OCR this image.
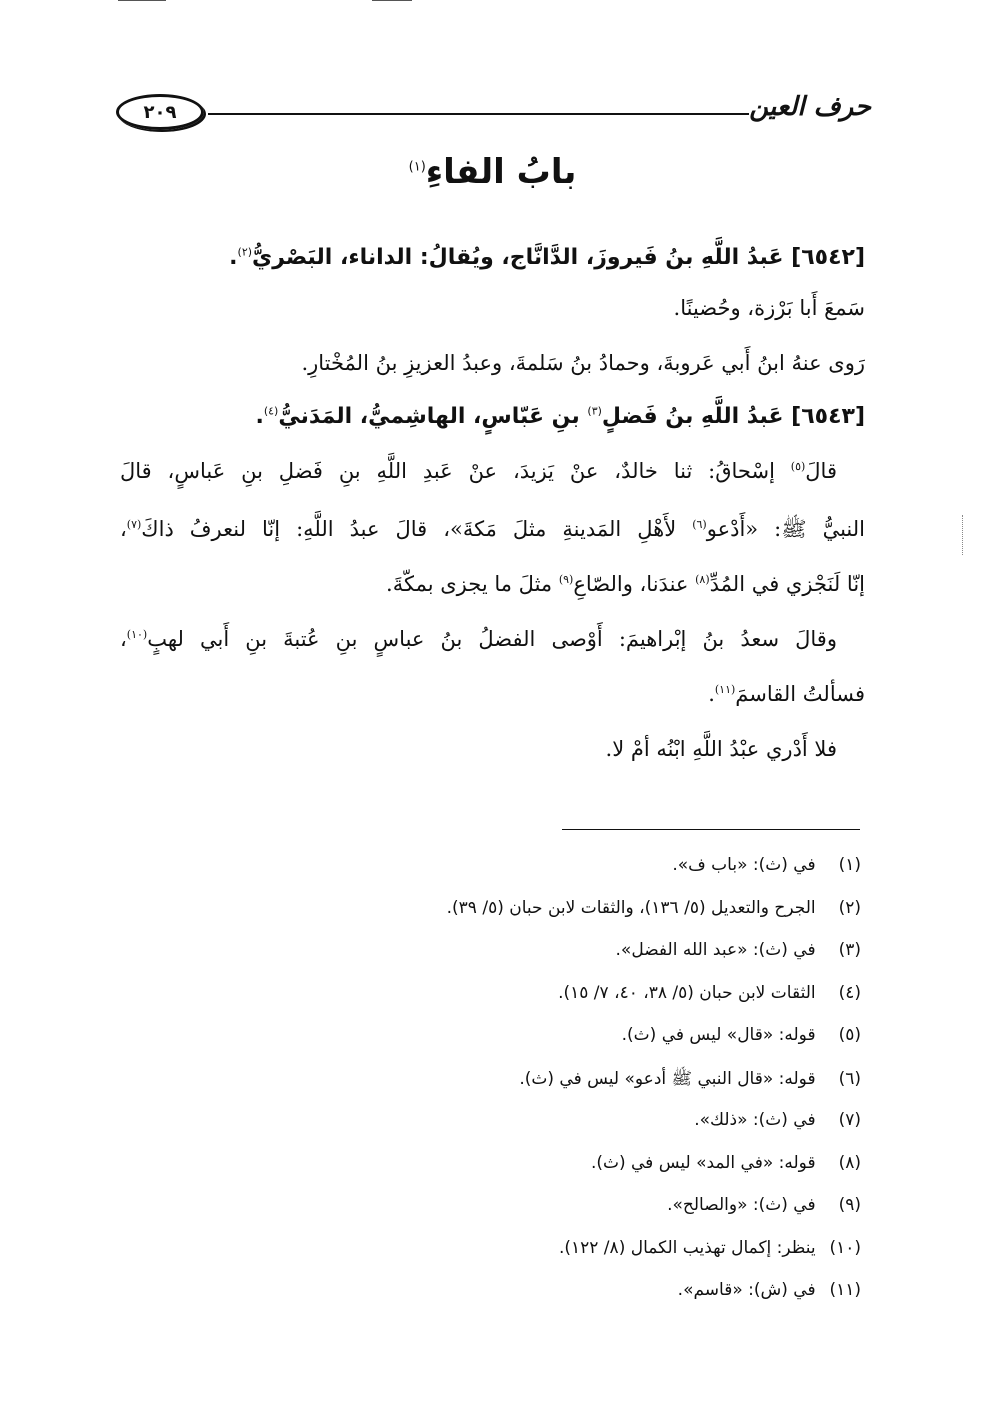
حرف العين
٢٠٩
بابُ الفاءِ$^{(١)}$
[٦٥٤٢] عَبدُ اللَّهِ بنُ فَيروزَ، الدَّانَّاج، ويُقالُ: الداناء، البَصْريُّ$^{(٢)}$.
سَمعَ أَبا بَرْزة، وحُضينًا.
رَوى عنهُ ابنُ أَبي عَروبةَ، وحمادُ بنُ سَلمةَ، وعبدُ العزيزِ بنُ المُخْتارِ.
[٦٥٤٣] عَبدُ اللَّهِ بنُ فَضلٍ$^{(٣)}$ بنِ عَبّاسٍ، الهاشِميُّ، المَدَنيُّ$^{(٤)}$.
قالَ$^{(٥)}$ إسْحاقُ: ثنا خالدٌ، عنْ يَزيدَ، عنْ عَبدِ اللَّهِ بنِ فَضلِ بنِ عَباسٍ، قالَ
النبيُّ ﷺ: «أَدْعو$^{(٦)}$ لأَهْلِ المَدينةِ مثلَ مَكةَ»، قالَ عبدُ اللَّهِ: إنّا لنعرفُ ذاكَ$^{(٧)}$،
إنّا لَنَجْزي في المُدِّ$^{(٨)}$ عندَنا، والصّاعِ$^{(٩)}$ مثلَ ما يجزى بمكّةَ.
وقالَ سعدُ بنُ إبْراهيمَ: أَوْصى الفضلُ بنُ عباسٍ بنِ عُتبةَ بنِ أَبي لهبٍ$^{(١٠)}$،
فسألتُ القاسمَ$^{(١١)}$.
فلا أَدْري عبْدُ اللَّهِ ابْنُه أمْ لا.
(١) في (ث): «باب ف».
(٢) الجرح والتعديل (٥/ ١٣٦)، والثقات لابن حبان (٥/ ٣٩).
(٣) في (ث): «عبد الله الفضل».
(٤) الثقات لابن حبان (٥/ ٣٨، ٤٠، ٧/ ١٥).
(٥) قوله: «قال» ليس في (ث).
(٦) قوله: «قال النبي ﷺ أدعو» ليس في (ث).
(٧) في (ث): «ذلك».
(٨) قوله: «في المد» ليس في (ث).
(٩) في (ث): «والصالح».
(١٠) ينظر: إكمال تهذيب الكمال (٨/ ١٢٢).
(١١) في (ش): «قاسم».
